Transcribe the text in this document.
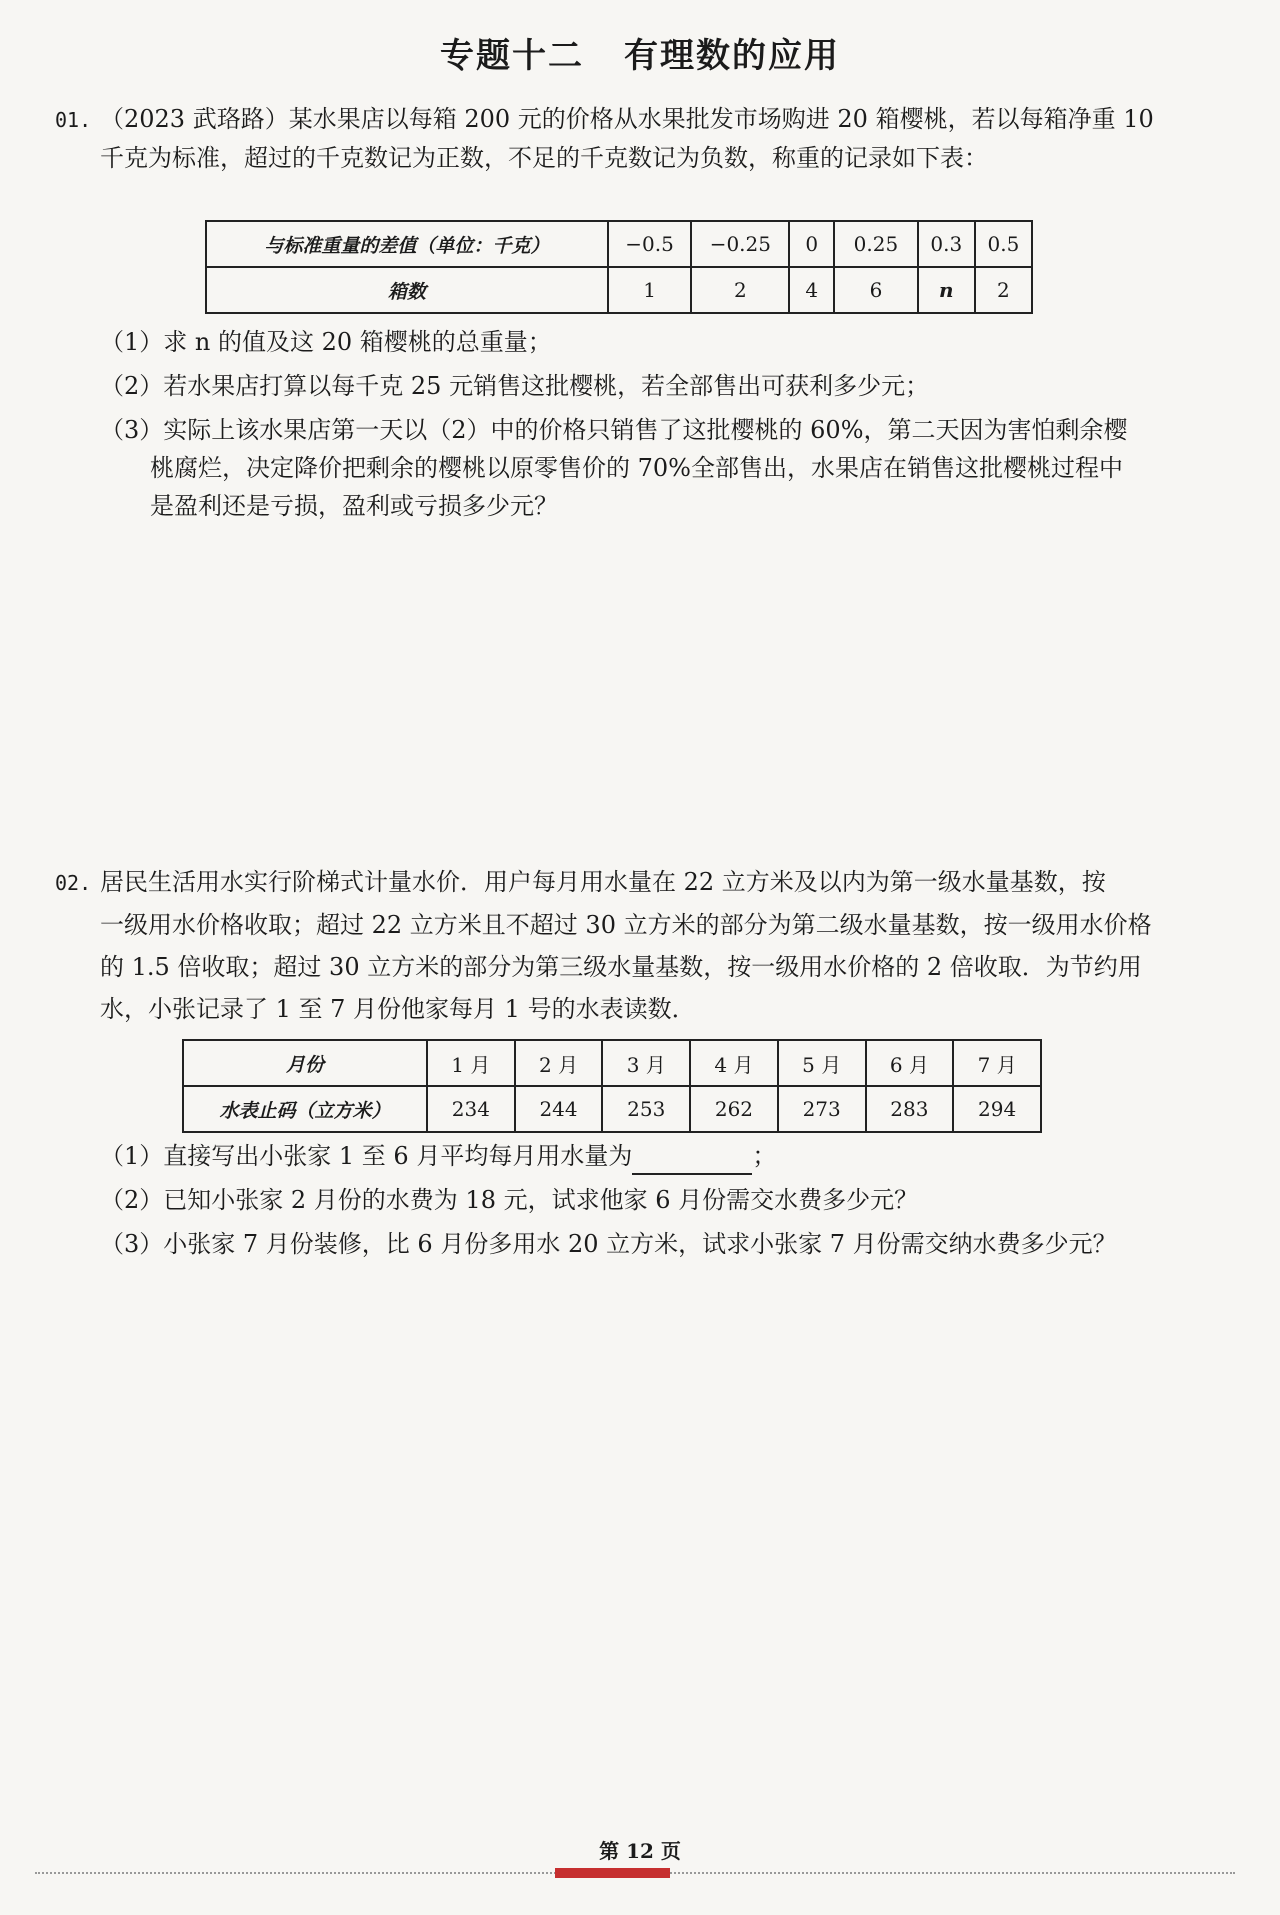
专题十二 有理数的应用

01. （2023 武珞路）某水果店以每箱 200 元的价格从水果批发市场购进 20 箱樱桃，若以每箱净重 10

千克为标准，超过的千克数记为正数，不足的千克数记为负数，称重的记录如下表：

与标准重量的差值（单位：千克）	−0.5	−0.25	0	0.25	0.3	0.5
箱数	1	2	4	6	n	2

（1）求 n 的值及这 20 箱樱桃的总重量；

（2）若水果店打算以每千克 25 元销售这批樱桃，若全部售出可获利多少元；

（3）实际上该水果店第一天以（2）中的价格只销售了这批樱桃的 60%，第二天因为害怕剩余樱

桃腐烂，决定降价把剩余的樱桃以原零售价的 70%全部售出，水果店在销售这批樱桃过程中

是盈利还是亏损，盈利或亏损多少元？

02. 居民生活用水实行阶梯式计量水价．用户每月用水量在 22 立方米及以内为第一级水量基数，按

一级用水价格收取；超过 22 立方米且不超过 30 立方米的部分为第二级水量基数，按一级用水价格

的 1.5 倍收取；超过 30 立方米的部分为第三级水量基数，按一级用水价格的 2 倍收取．为节约用

水，小张记录了 1 至 7 月份他家每月 1 号的水表读数．

月份	1 月	2 月	3 月	4 月	5 月	6 月	7 月
水表止码（立方米）	234	244	253	262	273	283	294

（1）直接写出小张家 1 至 6 月平均每月用水量为	；

（2）已知小张家 2 月份的水费为 18 元，试求他家 6 月份需交水费多少元？

（3）小张家 7 月份装修，比 6 月份多用水 20 立方米，试求小张家 7 月份需交纳水费多少元？

第 12 页
